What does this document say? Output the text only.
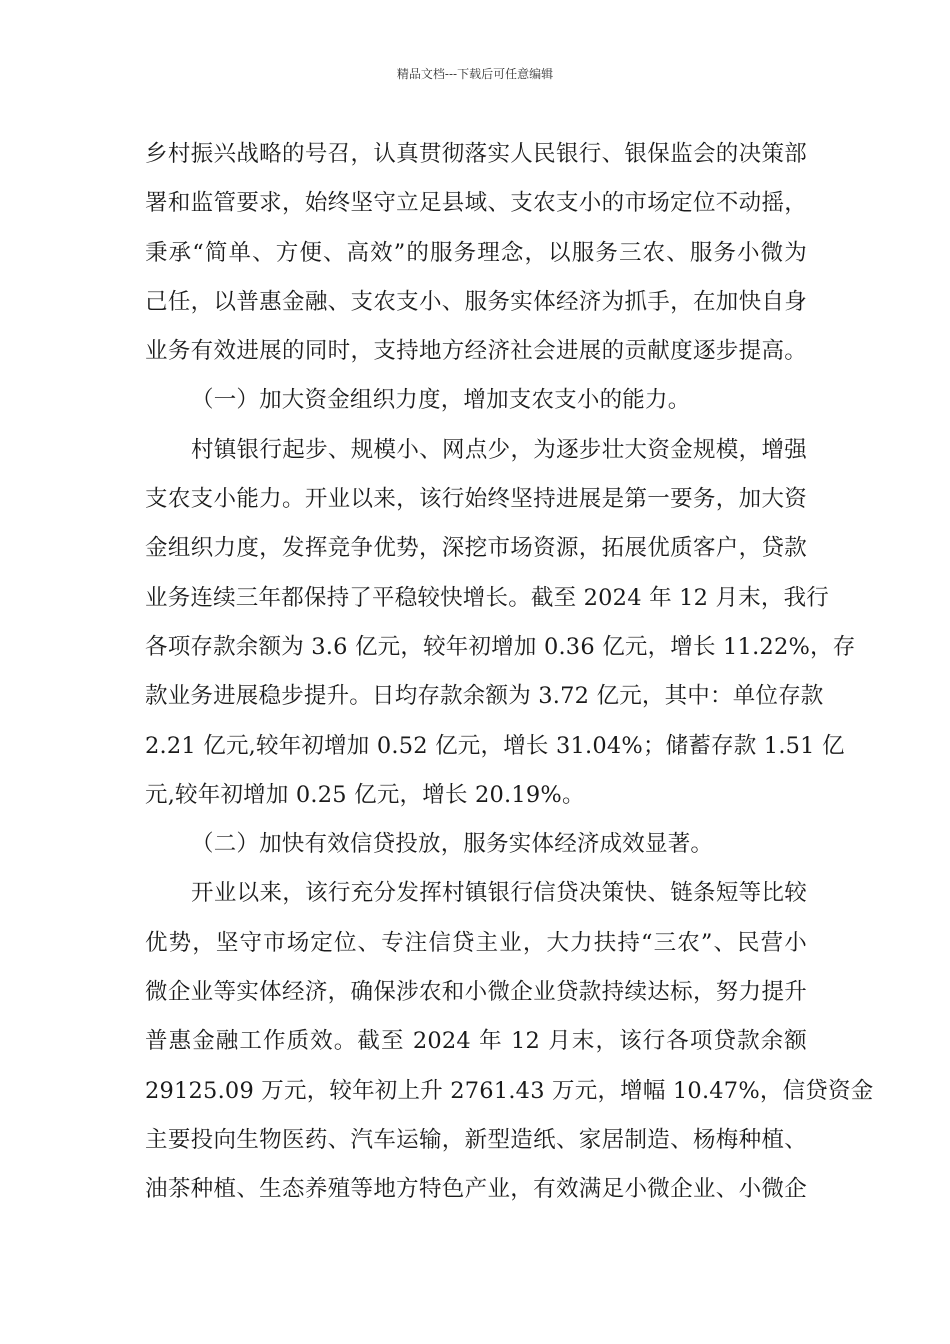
精品文档---下载后可任意编辑
乡村振兴战略的号召，认真贯彻落实人民银行、银保监会的决策部
署和监管要求，始终坚守立足县域、支农支小的市场定位不动摇，
秉承“简单、方便、高效”的服务理念，以服务三农、服务小微为
己任，以普惠金融、支农支小、服务实体经济为抓手，在加快自身
业务有效进展的同时，支持地方经济社会进展的贡献度逐步提高。
（一）加大资金组织力度，增加支农支小的能力。
村镇银行起步、规模小、网点少，为逐步壮大资金规模，增强
支农支小能力。开业以来，该行始终坚持进展是第一要务，加大资
金组织力度，发挥竞争优势，深挖市场资源，拓展优质客户，贷款
业务连续三年都保持了平稳较快增长。截至 2024 年 12 月末，我行
各项存款余额为 3.6 亿元，较年初增加 0.36 亿元，增长 11.22%，存
款业务进展稳步提升。日均存款余额为 3.72 亿元，其中：单位存款
2.21 亿元,较年初增加 0.52 亿元，增长 31.04%；储蓄存款 1.51 亿
元,较年初增加 0.25 亿元，增长 20.19%。
（二）加快有效信贷投放，服务实体经济成效显著。
开业以来，该行充分发挥村镇银行信贷决策快、链条短等比较
优势，坚守市场定位、专注信贷主业，大力扶持“三农”、民营小
微企业等实体经济，确保涉农和小微企业贷款持续达标，努力提升
普惠金融工作质效。截至 2024 年 12 月末，该行各项贷款余额
29125.09 万元，较年初上升 2761.43 万元，增幅 10.47%，信贷资金
主要投向生物医药、汽车运输，新型造纸、家居制造、杨梅种植、
油茶种植、生态养殖等地方特色产业，有效满足小微企业、小微企
